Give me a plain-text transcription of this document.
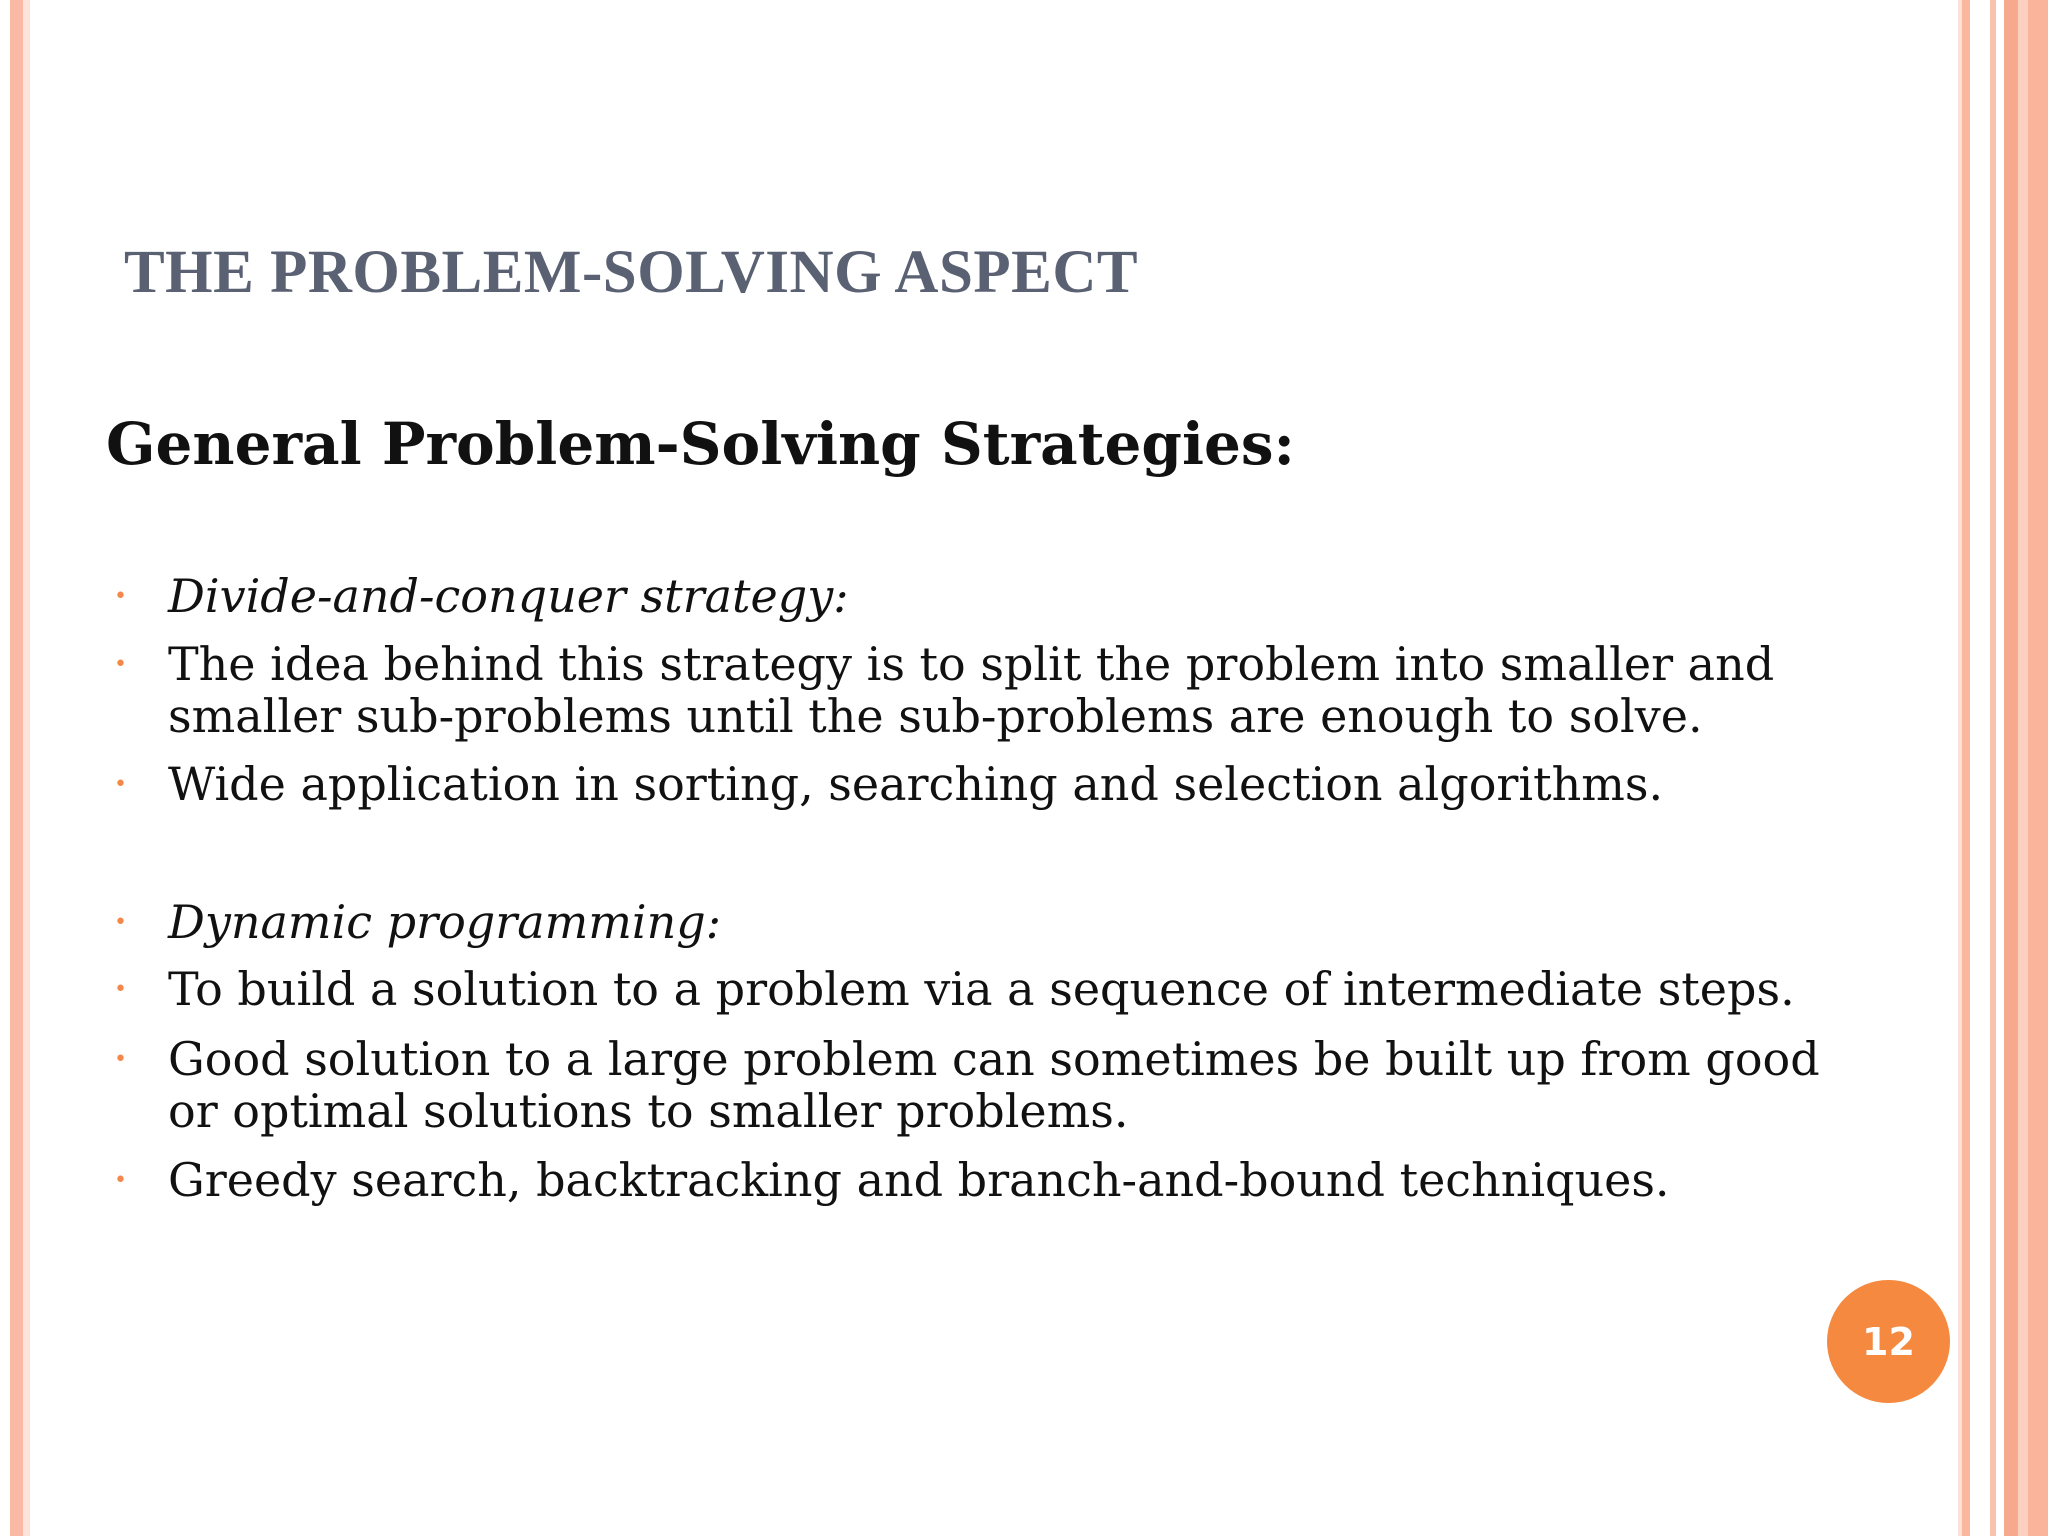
THE PROBLEM-SOLVING ASPECT
General Problem-Solving Strategies:
• Divide-and-conquer strategy:
• The idea behind this strategy is to split the problem into smaller and
smaller sub-problems until the sub-problems are enough to solve.
• Wide application in sorting, searching and selection algorithms.
• Dynamic programming:
• To build a solution to a problem via a sequence of intermediate steps.
• Good solution to a large problem can sometimes be built up from good
or optimal solutions to smaller problems.
• Greedy search, backtracking and branch-and-bound techniques.
12
